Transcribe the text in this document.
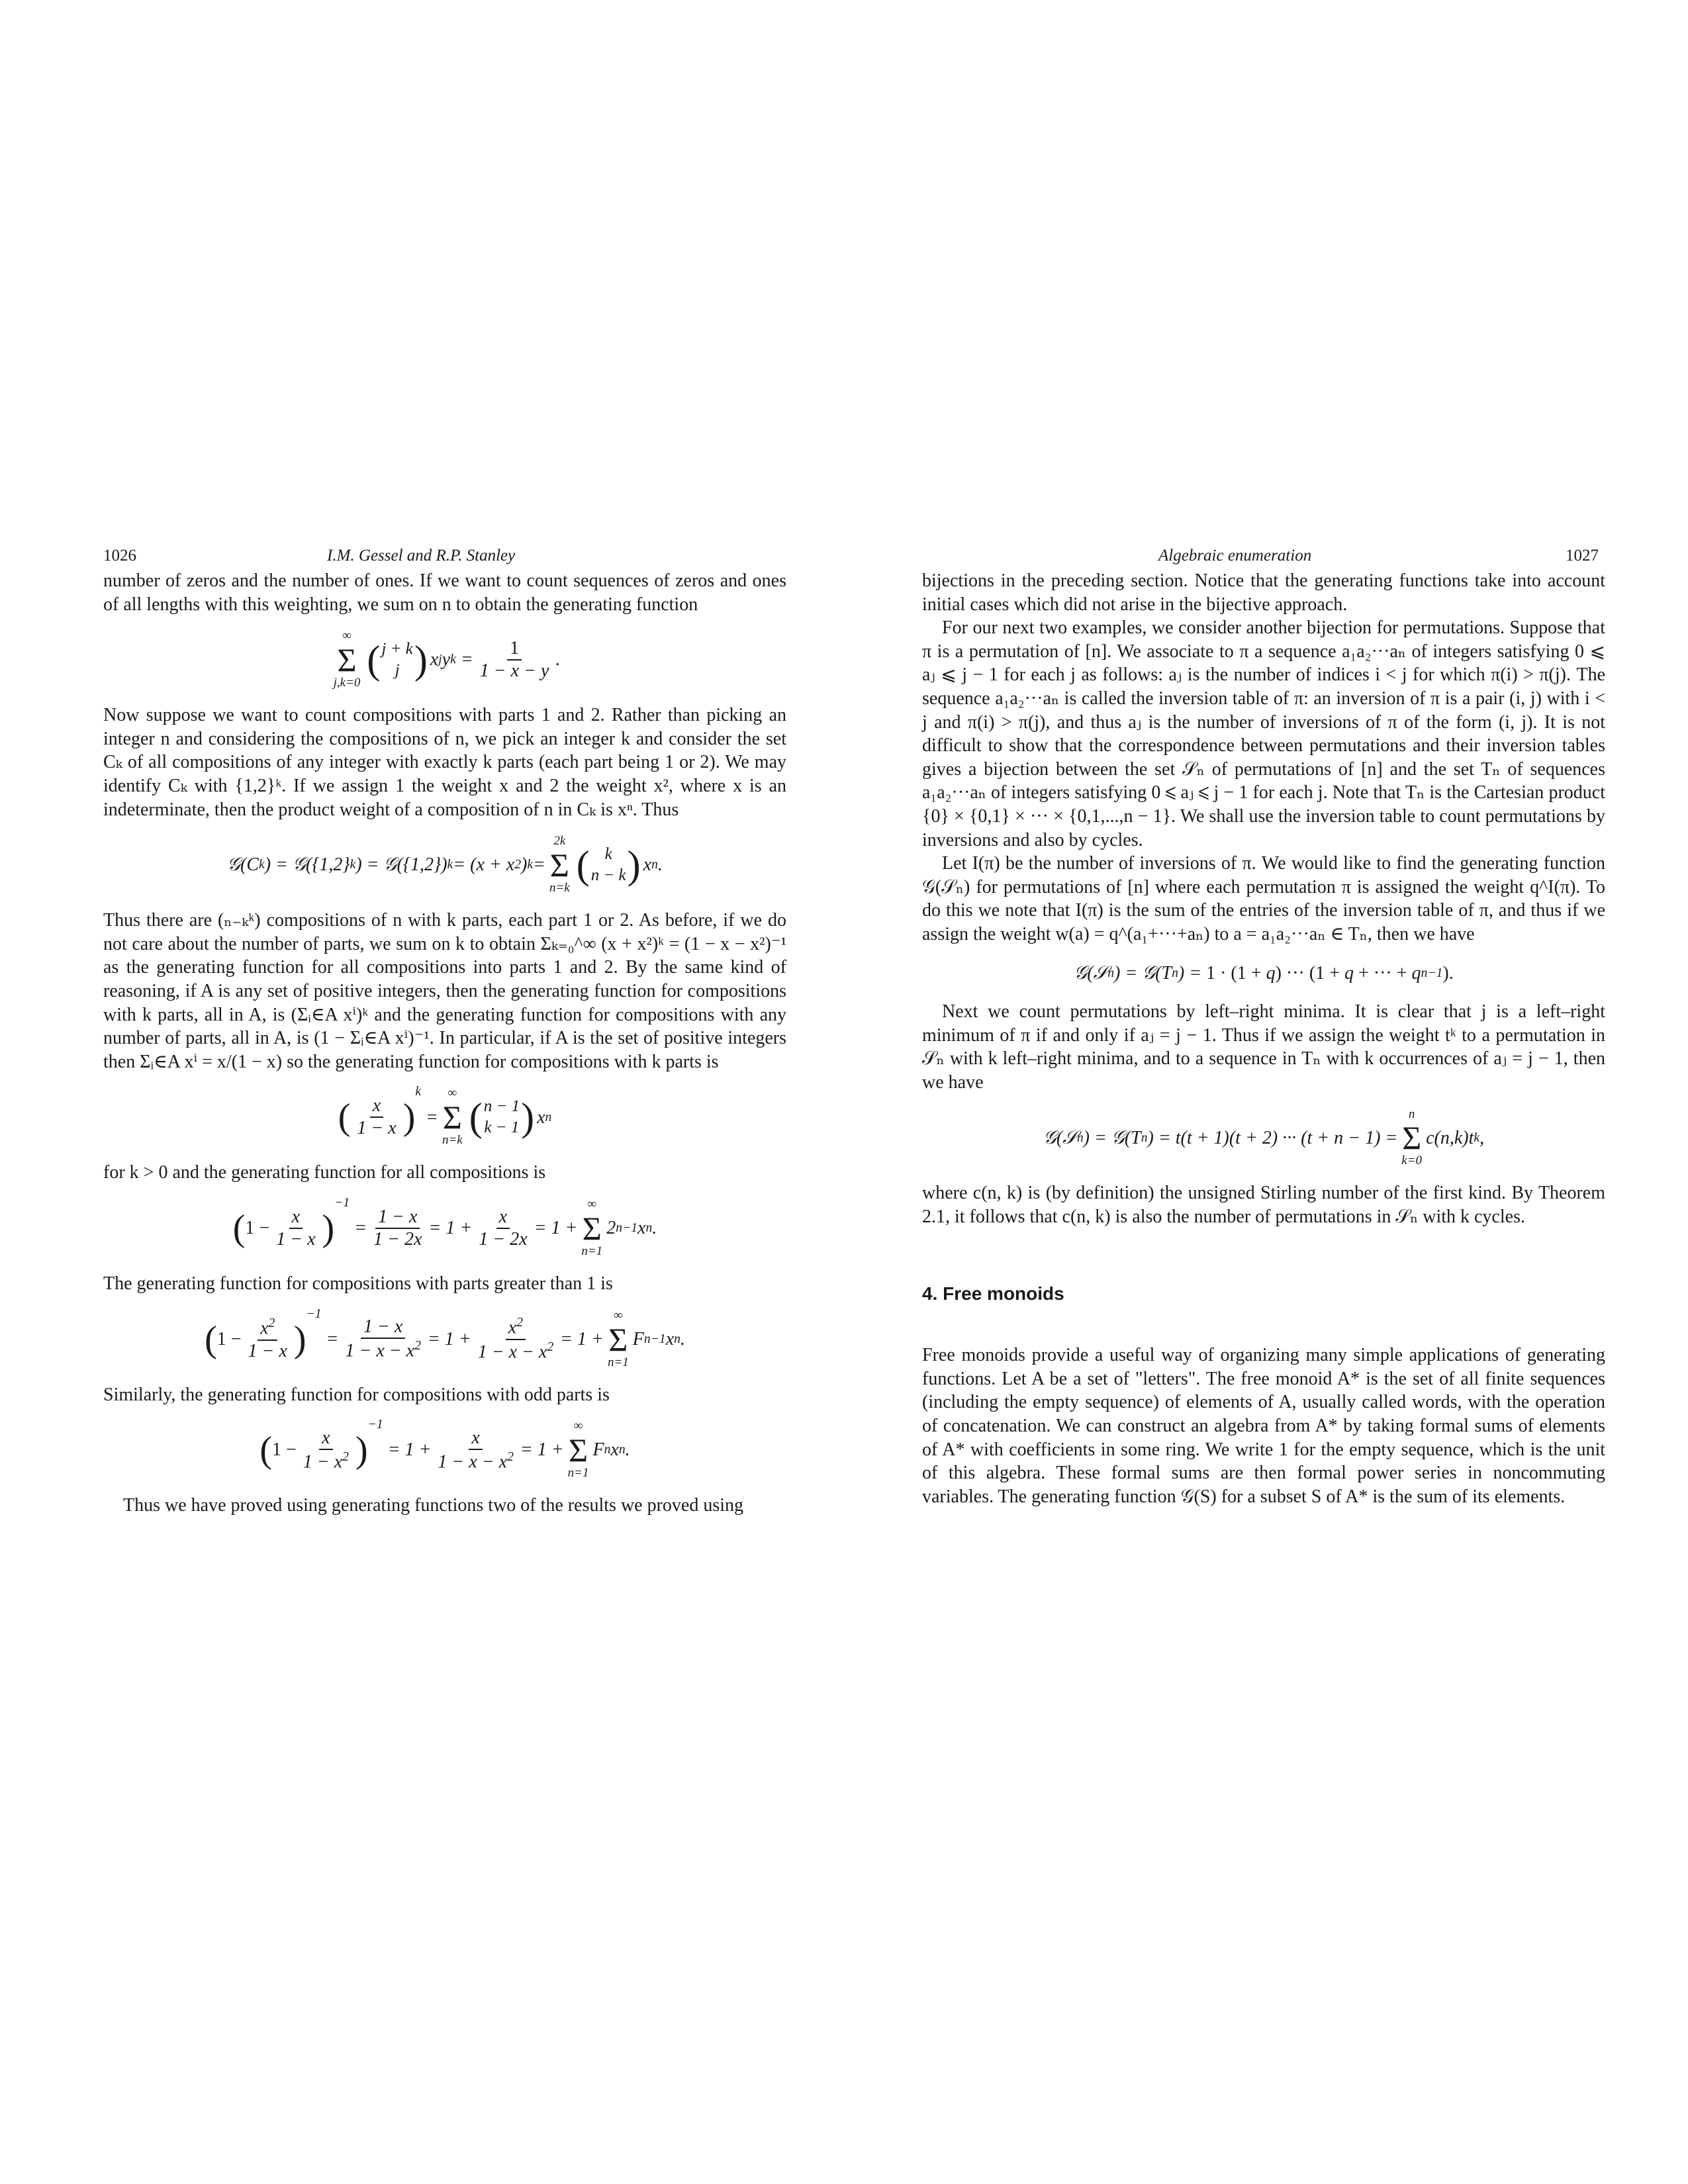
1026	I.M. Gessel and R.P. Stanley

number of zeros and the number of ones. If we want to count sequences of zeros and ones of all lengths with this weighting, we sum on n to obtain the generating function

∞
Σ
j,k=0
( j + k
j ) x j y $k = \frac{1}{1 - x - y}$ .

Now suppose we want to count compositions with parts 1 and 2. Rather than picking an integer n and considering the compositions of n, we pick an integer k and consider the set Cₖ of all compositions of any integer with exactly k parts (each part being 1 or 2). We may identify Cₖ with {1,2}ᵏ. If we assign 1 the weight x and 2 the weight x², where x is an indeterminate, then the product weight of a composition of n in Cₖ is xⁿ. Thus

𝒢(C k ) = 𝒢({1,2} k ) = 𝒢({1,2}) k = (x + x 2 ) k =
2k
Σ
n=k
( k
n − k ) x n .

Thus there are (ₙ₋ₖᵏ) compositions of n with k parts, each part 1 or 2. As before, if we do not care about the number of parts, we sum on k to obtain Σₖ₌₀^∞ (x + x²)ᵏ = (1 − x − x²)⁻¹ as the generating function for all compositions into parts 1 and 2. By the same kind of reasoning, if A is any set of positive integers, then the generating function for compositions with k parts, all in A, is (Σᵢ∈A xⁱ)ᵏ and the generating function for compositions with any number of parts, all in A, is (1 − Σᵢ∈A xⁱ)⁻¹. In particular, if A is the set of positive integers then Σᵢ∈A xⁱ = x/(1 − x) so the generating function for compositions with k parts is

( $\frac{x}{1 - x}$ )
$^k$
=
∞
Σ
n=k
( n − 1
k − 1 ) x n

for k > 0 and the generating function for all compositions is

( $1 - \frac{x}{1 - x}$ )
$^{-1}$
= $\frac{1 - x}{1 - 2x} = 1 + \frac{x}{1 - 2x} = 1$ +
∞
Σ
n=1
2 n−1 x n .

The generating function for compositions with parts greater than 1 is

( $1 - \frac{x^2}{1 - x}$ )
$^{-1}$
= $\frac{1 - x}{1 - x - x^2} = 1 + \frac{x^2}{1 - x - x^2} = 1$ +
∞
Σ
n=1
F n−1 x n .

Similarly, the generating function for compositions with odd parts is

( $1 - \frac{x}{1 - x^2}$ )
$^{-1}$
= $1 + \frac{x}{1 - x - x^2} = 1$ +
∞
Σ
n=1
F n x n .

Thus we have proved using generating functions two of the results we proved using

Algebraic enumeration	1027

bijections in the preceding section. Notice that the generating functions take into account initial cases which did not arise in the bijective approach.

For our next two examples, we consider another bijection for permutations. Suppose that π is a permutation of [n]. We associate to π a sequence a₁a₂···aₙ of integers satisfying 0 ⩽ aⱼ ⩽ j − 1 for each j as follows: aⱼ is the number of indices i < j for which π(i) > π(j). The sequence a₁a₂···aₙ is called the inversion table of π: an inversion of π is a pair (i, j) with i < j and π(i) > π(j), and thus aⱼ is the number of inversions of π of the form (i, j). It is not difficult to show that the correspondence between permutations and their inversion tables gives a bijection between the set 𝒮ₙ of permutations of [n] and the set Tₙ of sequences a₁a₂···aₙ of integers satisfying 0 ⩽ aⱼ ⩽ j − 1 for each j. Note that Tₙ is the Cartesian product {0} × {0,1} × ··· × {0,1,...,n − 1}. We shall use the inversion table to count permutations by inversions and also by cycles.

Let I(π) be the number of inversions of π. We would like to find the generating function 𝒢(𝒮ₙ) for permutations of [n] where each permutation π is assigned the weight q^I(π). To do this we note that I(π) is the sum of the entries of the inversion table of π, and thus if we assign the weight w(a) = q^(a₁+···+aₙ) to a = a₁a₂···aₙ ∈ Tₙ, then we have

𝒢(𝒮 n ) = 𝒢(T n ) = 1 · (1 + q ) ··· (1 + q + ··· + q n−1 ).

Next we count permutations by left–right minima. It is clear that j is a left–right minimum of π if and only if aⱼ = j − 1. Thus if we assign the weight tᵏ to a permutation in 𝒮ₙ with k left–right minima, and to a sequence in Tₙ with k occurrences of aⱼ = j − 1, then we have

𝒢(𝒮 n ) = 𝒢(T n ) = t(t + 1)(t + 2) ··· (t + n − 1) =
n
Σ
k=0
c(n,k)t k ,

where c(n, k) is (by definition) the unsigned Stirling number of the first kind. By Theorem 2.1, it follows that c(n, k) is also the number of permutations in 𝒮ₙ with k cycles.

4. Free monoids

Free monoids provide a useful way of organizing many simple applications of generating functions. Let A be a set of "letters". The free monoid A* is the set of all finite sequences (including the empty sequence) of elements of A, usually called words, with the operation of concatenation. We can construct an algebra from A* by taking formal sums of elements of A* with coefficients in some ring. We write 1 for the empty sequence, which is the unit of this algebra. These formal sums are then formal power series in noncommuting variables. The generating function 𝒢(S) for a subset S of A* is the sum of its elements.
